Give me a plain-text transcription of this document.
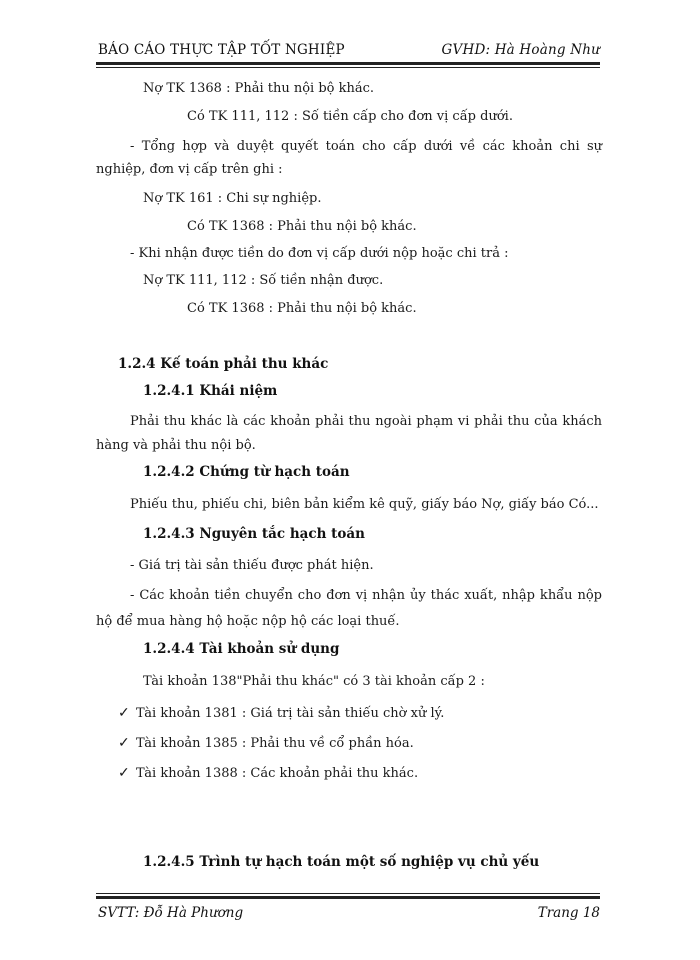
BÁO CÁO THỰC TẬP TỐT NGHIỆP	GVHD: Hà Hoàng Như
Nợ TK 1368 : Phải thu nội bộ khác.
Có TK 111, 112 : Số tiền cấp cho đơn vị cấp dưới.
- Tổng hợp và duyệt quyết toán cho cấp dưới về các khoản chi sự nghiệp, đơn vị cấp trên ghi :
Nợ TK 161 : Chi sự nghiệp.
Có TK 1368 : Phải thu nội bộ khác.
- Khi nhận được tiền do đơn vị cấp dưới nộp hoặc chi trả :
Nợ TK 111, 112 : Số tiền nhận được.
Có TK 1368 : Phải thu nội bộ khác.
1.2.4 Kế toán phải thu khác
1.2.4.1 Khái niệm
Phải thu khác là các khoản phải thu ngoài phạm vi phải thu của khách hàng và phải thu nội bộ.
1.2.4.2 Chứng từ hạch toán
Phiếu thu, phiếu chi, biên bản kiểm kê quỹ, giấy báo Nợ, giấy báo Có...
1.2.4.3 Nguyên tắc hạch toán
- Giá trị tài sản thiếu được phát hiện.
- Các khoản tiền chuyển cho đơn vị nhận ủy thác xuất, nhập khẩu nộp hộ để mua hàng hộ hoặc nộp hộ các loại thuế.
1.2.4.4 Tài khoản sử dụng
Tài khoản 138"Phải thu khác" có 3 tài khoản cấp 2 :
✓ Tài khoản 1381 : Giá trị tài sản thiếu chờ xử lý.
✓ Tài khoản 1385 : Phải thu về cổ phần hóa.
✓ Tài khoản 1388 : Các khoản phải thu khác.
1.2.4.5 Trình tự hạch toán một số nghiệp vụ chủ yếu
SVTT: Đỗ Hà Phương	Trang 18
